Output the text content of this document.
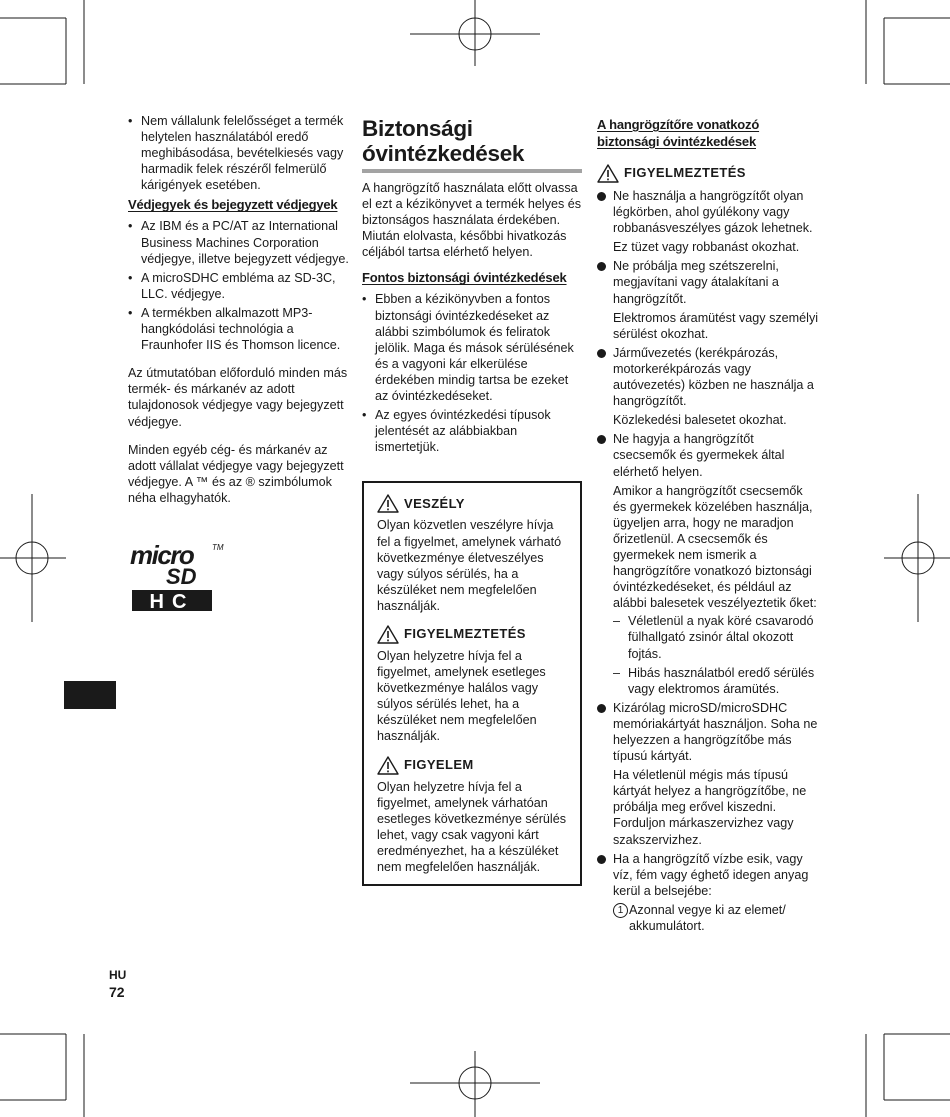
• Nem vállalunk felelősséget a termék helytelen használatából eredő meghibásodása, bevételkiesés vagy harmadik felek részéről felmerülő kárigények esetében.
Védjegyek és bejegyzett védjegyek
• Az IBM és a PC/AT az International Business Machines Corporation védjegye, illetve bejegyzett védjegye.
• A microSDHC embléma az SD-3C, LLC. védjegye.
• A termékben alkalmazott MP3-hangkódolási technológia a Fraunhofer IIS és Thomson licence.

Az útmutatóban előforduló minden más termék- és márkanév az adott tulajdonosok védjegye vagy bejegyzett védjegye.

Minden egyéb cég- és márkanév az adott vállalat védjegye vagy bejegyzett védjegye. A ™ és az ® szimbólumok néha elhagyhatók.

micro TM
SD
HC
Biztonsági
óvintézkedések

A hangrögzítő használata előtt olvassa el ezt a kézikönyvet a termék helyes és biztonságos használata érdekében. Miután elolvasta, későbbi hivatkozás céljából tartsa elérhető helyen.

Fontos biztonsági óvintézkedések
• Ebben a kézikönyvben a fontos biztonsági óvintézkedéseket az alábbi szimbólumok és feliratok jelölik. Maga és mások sérülésének és a vagyoni kár elkerülése érdekében mindig tartsa be ezeket az óvintézkedéseket.
• Az egyes óvintézkedési típusok jelentését az alábbiakban ismertetjük.
VESZÉLY

Olyan közvetlen veszélyre hívja fel a figyelmet, amelynek várható következménye életveszélyes vagy súlyos sérülés, ha a készüléket nem megfelelően használják.

FIGYELMEZTETÉS

Olyan helyzetre hívja fel a figyelmet, amelynek esetleges következménye halálos vagy súlyos sérülés lehet, ha a készüléket nem megfelelően használják.

FIGYELEM

Olyan helyzetre hívja fel a figyelmet, amelynek várhatóan esetleges következménye sérülés lehet, vagy csak vagyoni kárt eredményezhet, ha a készüléket nem megfelelően használják.

A hangrögzítőre vonatkozó
biztonsági óvintézkedések
FIGYELMEZTETÉS
Ne használja a hangrögzítőt olyan légkörben, ahol gyúlékony vagy robbanásveszélyes gázok lehetnek.
Ez tüzet vagy robbanást okozhat.
Ne próbálja meg szétszerelni, megjavítani vagy átalakítani a hangrögzítőt.
Elektromos áramütést vagy személyi sérülést okozhat.
Járművezetés (kerékpározás, motorkerékpározás vagy autóvezetés) közben ne használja a hangrögzítőt.
Közlekedési balesetet okozhat.
Ne hagyja a hangrögzítőt csecsemők és gyermekek által elérhető helyen.
Amikor a hangrögzítőt csecsemők és gyermekek közelében használja, ügyeljen arra, hogy ne maradjon őrizetlenül. A csecsemők és gyermekek nem ismerik a hangrögzítőre vonatkozó biztonsági óvintézkedéseket, és például az alábbi balesetek veszélyeztetik őket:
– Véletlenül a nyak köré csavarodó fülhallgató zsinór által okozott fojtás.
– Hibás használatból eredő sérülés vagy elektromos áramütés.
Kizárólag microSD/microSDHC memóriakártyát használjon. Soha ne helyezzen a hangrögzítőbe más típusú kártyát.
Ha véletlenül mégis más típusú kártyát helyez a hangrögzítőbe, ne próbálja meg erővel kiszedni. Forduljon márkaszervizhez vagy szakszervizhez.
Ha a hangrögzítő vízbe esik, vagy víz, fém vagy éghető idegen anyag kerül a belsejébe:
1 Azonnal vegye ki az elemet/ akkumulátort.
HU
72
